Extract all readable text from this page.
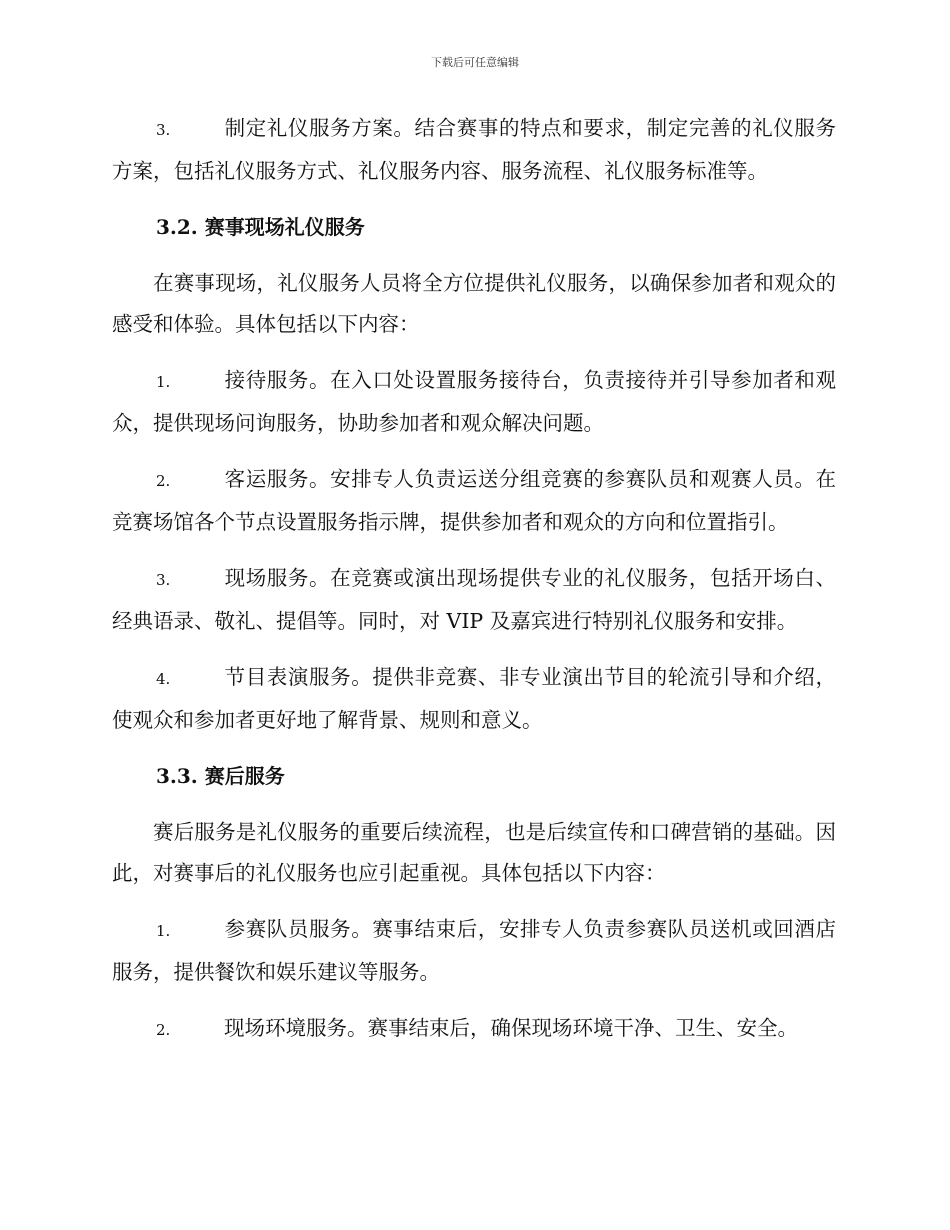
下载后可任意编辑
3.	制定礼仪服务方案。结合赛事的特点和要求，制定完善的礼仪服务方案，包括礼仪服务方式、礼仪服务内容、服务流程、礼仪服务标准等。
3.2. 赛事现场礼仪服务
在赛事现场，礼仪服务人员将全方位提供礼仪服务，以确保参加者和观众的感受和体验。具体包括以下内容：
1.	接待服务。在入口处设置服务接待台，负责接待并引导参加者和观众，提供现场问询服务，协助参加者和观众解决问题。
2.	客运服务。安排专人负责运送分组竞赛的参赛队员和观赛人员。在竞赛场馆各个节点设置服务指示牌，提供参加者和观众的方向和位置指引。
3.	现场服务。在竞赛或演出现场提供专业的礼仪服务，包括开场白、经典语录、敬礼、提倡等。同时，对 VIP 及嘉宾进行特别礼仪服务和安排。
4.	节目表演服务。提供非竞赛、非专业演出节目的轮流引导和介绍，使观众和参加者更好地了解背景、规则和意义。
3.3. 赛后服务
赛后服务是礼仪服务的重要后续流程，也是后续宣传和口碑营销的基础。因此，对赛事后的礼仪服务也应引起重视。具体包括以下内容：
1.	参赛队员服务。赛事结束后，安排专人负责参赛队员送机或回酒店服务，提供餐饮和娱乐建议等服务。
2.	现场环境服务。赛事结束后，确保现场环境干净、卫生、安全。
